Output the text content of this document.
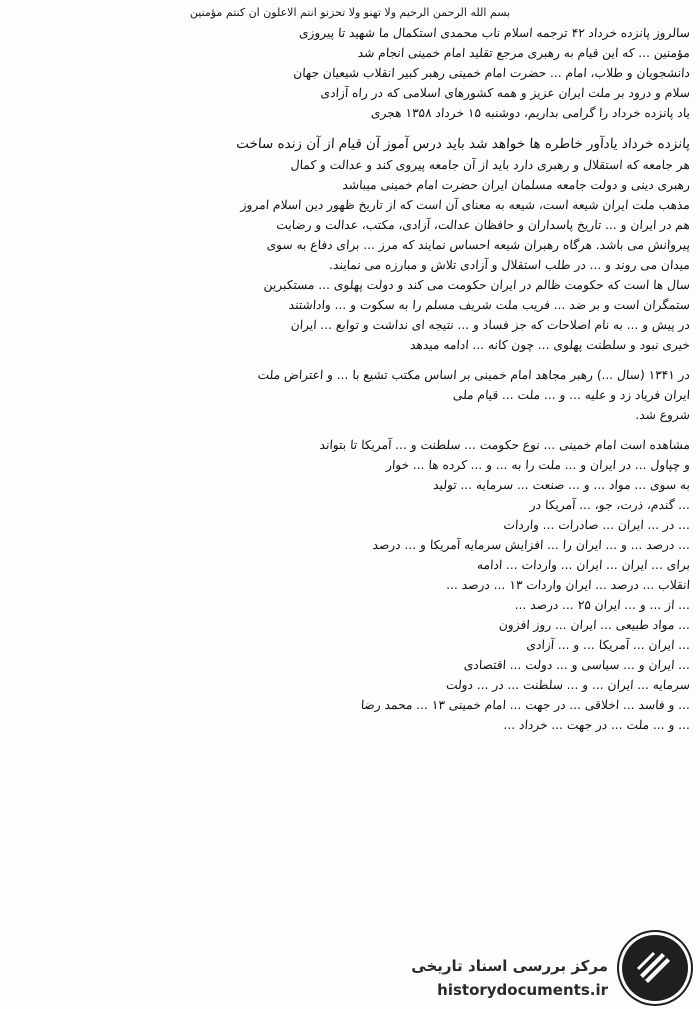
بسم الله الرحمن الرحیم ولا تهنو ولا تحزنو انتم الاعلون ان کنتم مؤمنین
سالروز پانزده خرداد ۴۲ ترجمه اسلام ناب محمدی استکمال ما شهید تا پیروزی
مؤمنین ... که این قیام به رهبری مرجع تقلید امام خمینی انجام شد
دانشجویان و طلاب، امام ... حضرت امام خمینی رهبر کبیر انقلاب شیعیان جهان
سلام و درود بر ملت ایران عزیز و همه کشورهای اسلامی که در راه آزادی
یاد پانزده خرداد را گرامی بداریم، دوشنبه ۱۵ خرداد ۱۳۵۸ هجری
پانزده خرداد یادآور خاطره ها خواهد شد باید درس آموز آن قیام از آن زنده ساخت
هر جامعه که استقلال و رهبری دارد باید از آن جامعه پیروی کند و عدالت و کمال
رهبری دینی و دولت جامعه مسلمان ایران حضرت امام خمینی میباشد
مذهب ملت ایران شیعه است، شیعه به معنای آن است که از تاریخ ظهور دین اسلام امروز
هم در ایران و ... تاریخ پاسداران و حافظان عدالت، آزادی، مکتب، عدالت و رضایت
پیروانش می باشد. هرگاه رهبران شیعه احساس نمایند که مرز ... برای دفاع به سوی
میدان می روند و ... در طلب استقلال و آزادی تلاش و مبارزه می نمایند.
سال ها است که حکومت ظالم در ایران حکومت می کند و دولت پهلوی ... مستکبرین
ستمگران است و بر ضد ... فریب ملت شریف مسلم را به سکوت و ... واداشتند
در پیش و ... به نام اصلاحات که جز فساد و ... نتیجه ای نداشت و توابع ... ایران
خیری نبود و سلطنت پهلوی ... چون کانه ... ادامه میدهد
در ۱۳۴۱ (سال ...) رهبر مجاهد امام خمینی بر اساس مکتب تشیع با ... و اعتراض ملت
ایران فریاد زد و علیه ... و ... ملت ... قیام ملی
شروع شد.
مشاهده است امام خمینی ... نوع حکومت ... سلطنت و ... آمریکا تا بتواند
و چپاول ... در ایران و ... ملت را به ... و ... کرده ها ... خوار
به سوی ... مواد ... و ... صنعت ... سرمایه ... تولید
... گندم، ذرت، جو، ... آمریکا در
... در ... ایران ... صادرات ... واردات
... درصد ... و ... ایران را ... افزایش سرمایه آمریکا و ... درصد
برای ... ایران ... ایران ... واردات ... ادامه
انقلاب ... درصد ... ایران واردات ۱۳ ... درصد ...
... از ... و ... ایران ۲۵ ... درصد ...
... مواد طبیعی ... ایران ... روز افزون
... ایران ... آمریکا ... و ... آزادی
... ایران و ... سیاسی و ... دولت ... اقتصادی
سرمایه ... ایران ... و ... سلطنت ... در ... دولت
... و فاسد ... اخلاقی ... در جهت ... امام خمینی ۱۳ ... محمد رضا
... و ... ملت ... در جهت ... خرداد ...
مرکز بررسی اسناد تاریخی
historydocuments.ir
